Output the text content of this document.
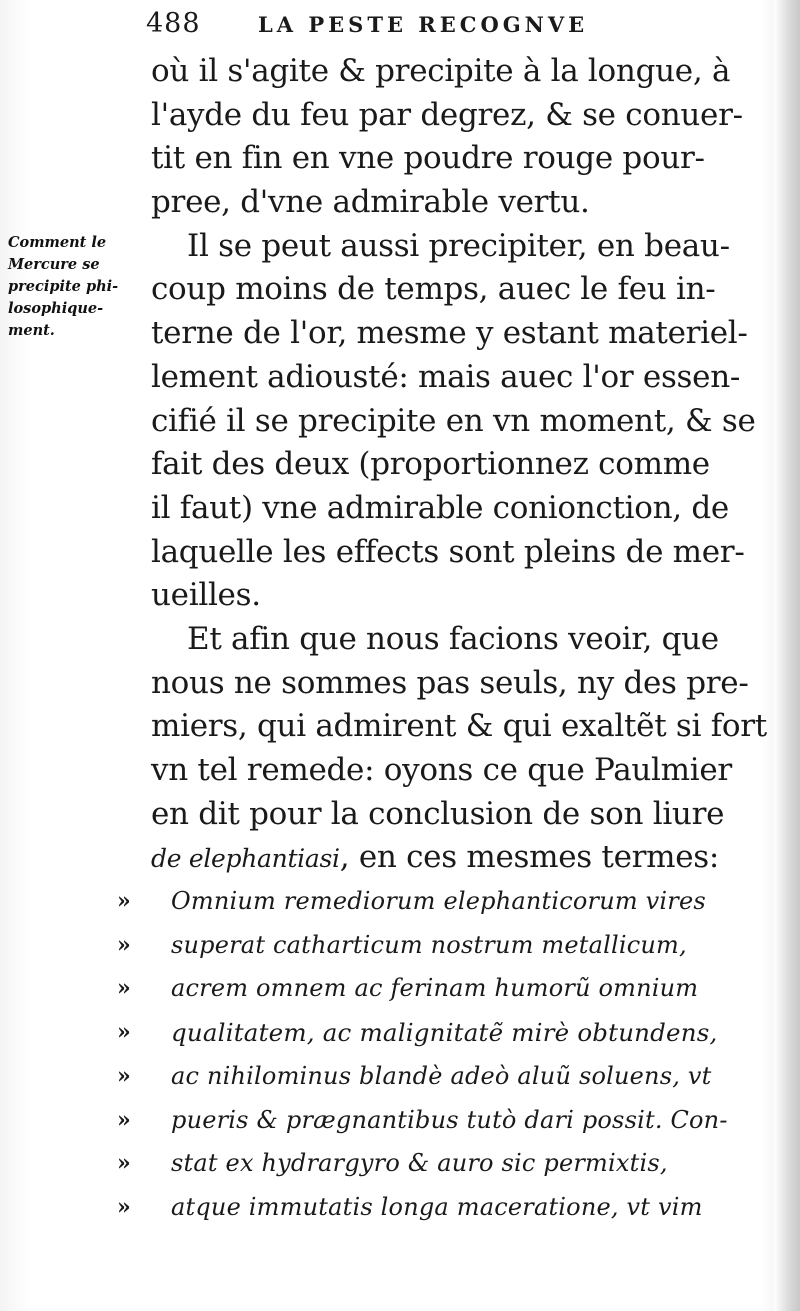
488	LA PESTE RECOGNVE
Comment le
Mercure se
precipite phi-
losophique-
ment.
où il s'agite & precipite à la longue, à
l'ayde du feu par degrez, & se conuer-
tit en fin en vne poudre rouge pour-
pree, d'vne admirable vertu.
Il se peut aussi precipiter, en beau-
coup moins de temps, auec le feu in-
terne de l'or, mesme y estant materiel-
lement adiousté: mais auec l'or essen-
cifié il se precipite en vn moment, & se
fait des deux (proportionnez comme
il faut) vne admirable conionction, de
laquelle les effects sont pleins de mer-
ueilles.
Et afin que nous facions veoir, que
nous ne sommes pas seuls, ny des pre-
miers, qui admirent & qui exaltẽt si fort
vn tel remede: oyons ce que Paulmier
en dit pour la conclusion de son liure
de elephantiasi, en ces mesmes termes:
» Omnium remediorum elephanticorum vires
» superat catharticum nostrum metallicum,
» acrem omnem ac ferinam humorũ omnium
» qualitatem, ac malignitatẽ mirè obtundens,
» ac nihilominus blandè adeò aluũ soluens, vt
» pueris & prægnantibus tutò dari possit. Con-
» stat ex hydrargyro & auro sic permixtis,
» atque immutatis longa maceratione, vt vim
